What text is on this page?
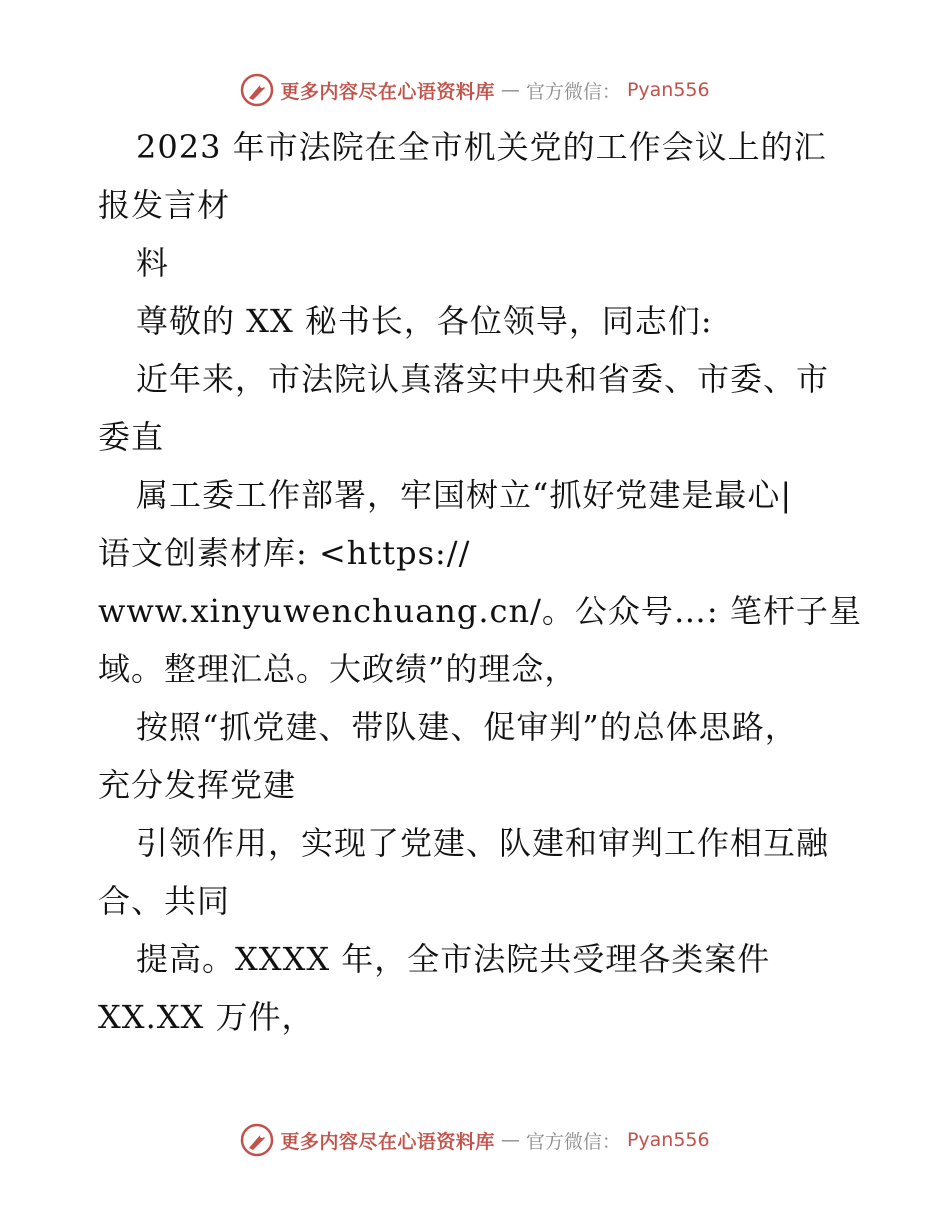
更多内容尽在心语资料库 — 官方微信： Pyan556
2023 年市法院在全市机关党的工作会议上的汇
报发言材
料
尊敬的 XX 秘书长，各位领导，同志们:
近年来，市法院认真落实中央和省委、市委、市
委直
属工委工作部署，牢国树立“抓好党建是最心|
语文创素材库: <https://
www.xinyuwenchuang.cn/。公众号…: 笔杆子星
域。整理汇总。大政绩”的理念，
按照“抓党建、带队建、促审判”的总体思路，
充分发挥党建
引领作用，实现了党建、队建和审判工作相互融
合、共同
提高。XXXX 年，全市法院共受理各类案件
XX.XX 万件，
更多内容尽在心语资料库 — 官方微信： Pyan556
